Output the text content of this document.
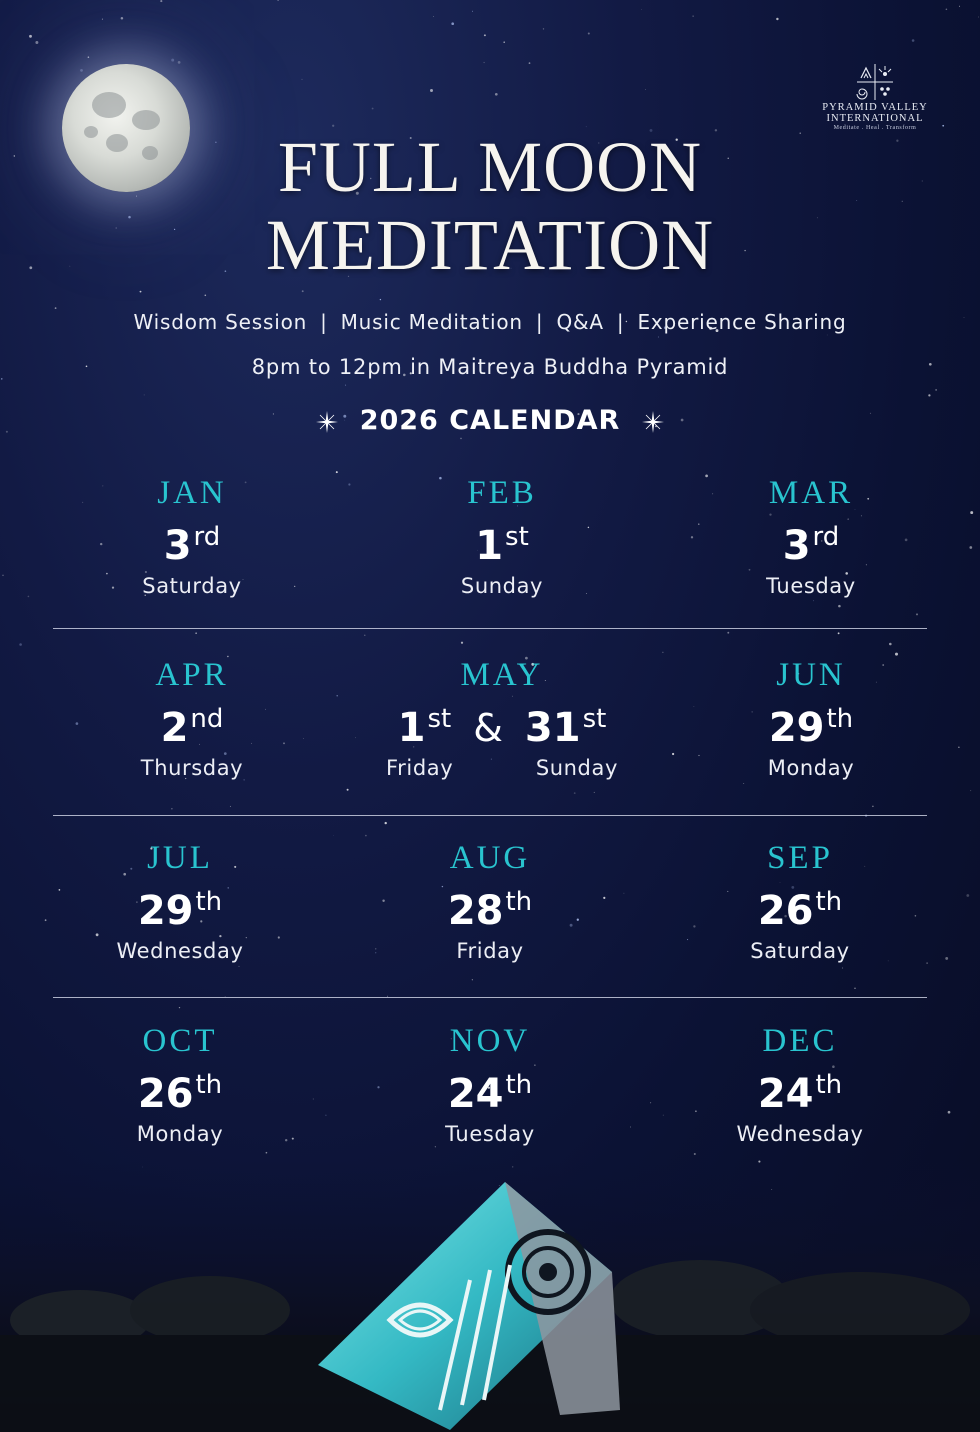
PYRAMID VALLEY
INTERNATIONAL
Meditate . Heal . Transform
FULL MOON
MEDITATION
Wisdom Session | Music Meditation | Q&A | Experience Sharing
8pm to 12pm in Maitreya Buddha Pyramid
2026 CALENDAR
JAN
3rd
Saturday
FEB
1st
Sunday
MAR
3rd
Tuesday
APR
2nd
Thursday
MAY
1st & 31st
Friday	Sunday
JUN
29th
Monday
JUL
29th
Wednesday
AUG
28th
Friday
SEP
26th
Saturday
OCT
26th
Monday
NOV
24th
Tuesday
DEC
24th
Wednesday
